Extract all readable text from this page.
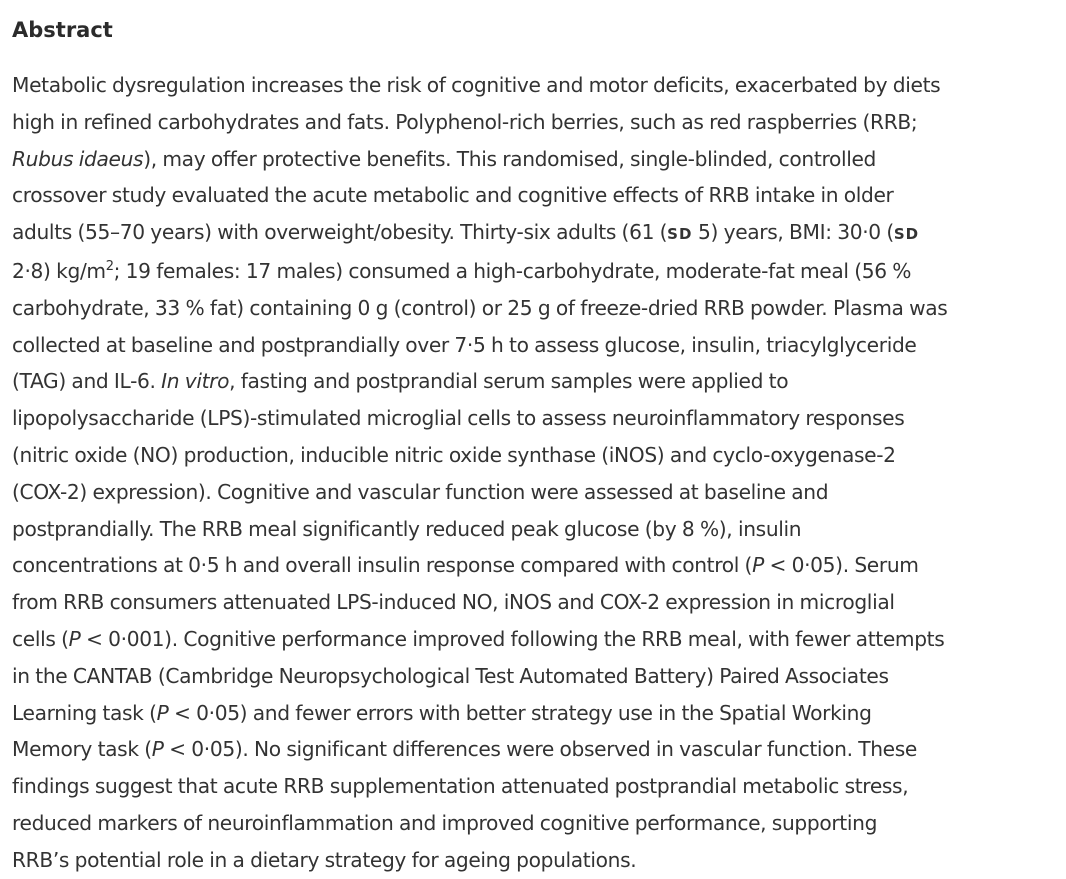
Abstract

Metabolic dysregulation increases the risk of cognitive and motor deficits, exacerbated by diets
high in refined carbohydrates and fats. Polyphenol-rich berries, such as red raspberries (RRB;
Rubus idaeus), may offer protective benefits. This randomised, single-blinded, controlled
crossover study evaluated the acute metabolic and cognitive effects of RRB intake in older
adults (55–70 years) with overweight/obesity. Thirty-six adults (61 (SD 5) years, BMI: 30·0 (SD
2·8) $kg/m^2$; 19 females: 17 males) consumed a high-carbohydrate, moderate-fat meal (56 %
carbohydrate, 33 % fat) containing 0 g (control) or 25 g of freeze-dried RRB powder. Plasma was
collected at baseline and postprandially over 7·5 h to assess glucose, insulin, triacylglyceride
(TAG) and IL-6. In vitro, fasting and postprandial serum samples were applied to
lipopolysaccharide (LPS)-stimulated microglial cells to assess neuroinflammatory responses
(nitric oxide (NO) production, inducible nitric oxide synthase (iNOS) and cyclo-oxygenase-2
(COX-2) expression). Cognitive and vascular function were assessed at baseline and
postprandially. The RRB meal significantly reduced peak glucose (by 8 %), insulin
concentrations at 0·5 h and overall insulin response compared with control (P < 0·05). Serum
from RRB consumers attenuated LPS-induced NO, iNOS and COX-2 expression in microglial
cells (P < 0·001). Cognitive performance improved following the RRB meal, with fewer attempts
in the CANTAB (Cambridge Neuropsychological Test Automated Battery) Paired Associates
Learning task (P < 0·05) and fewer errors with better strategy use in the Spatial Working
Memory task (P < 0·05). No significant differences were observed in vascular function. These
findings suggest that acute RRB supplementation attenuated postprandial metabolic stress,
reduced markers of neuroinflammation and improved cognitive performance, supporting
RRB’s potential role in a dietary strategy for ageing populations.
